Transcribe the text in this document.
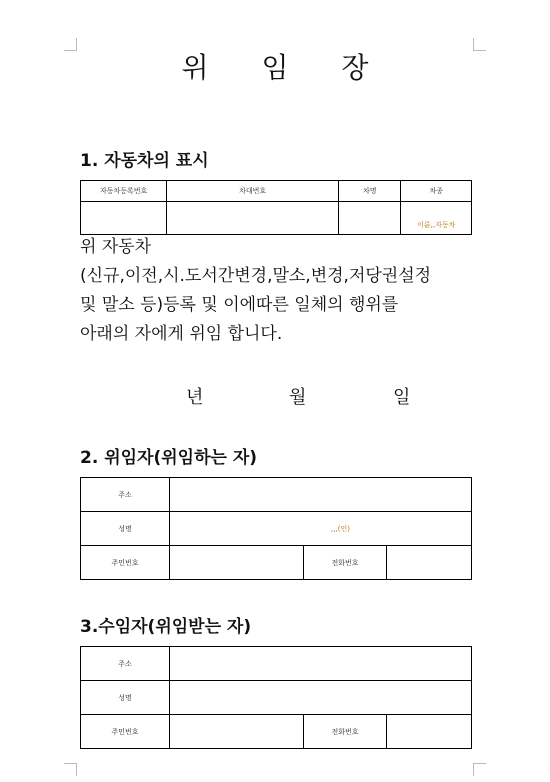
위 임 장
1. 자동차의 표시
자동차등록번호	차대번호	차명	차종
			이륜,,자동차
위 자동차
(신규,이전,시.도서간변경,말소,변경,저당권설정
및 말소 등)등록 및 이에따른 일체의 행위를
아래의 자에게 위임 합니다.
년	월	일
2. 위임자(위임하는 자)
주소			
성명	,,,(인)		
주민번호		전화번호	
3.수임자(위임받는 자)
주소			
성명			
주민번호		전화번호	
